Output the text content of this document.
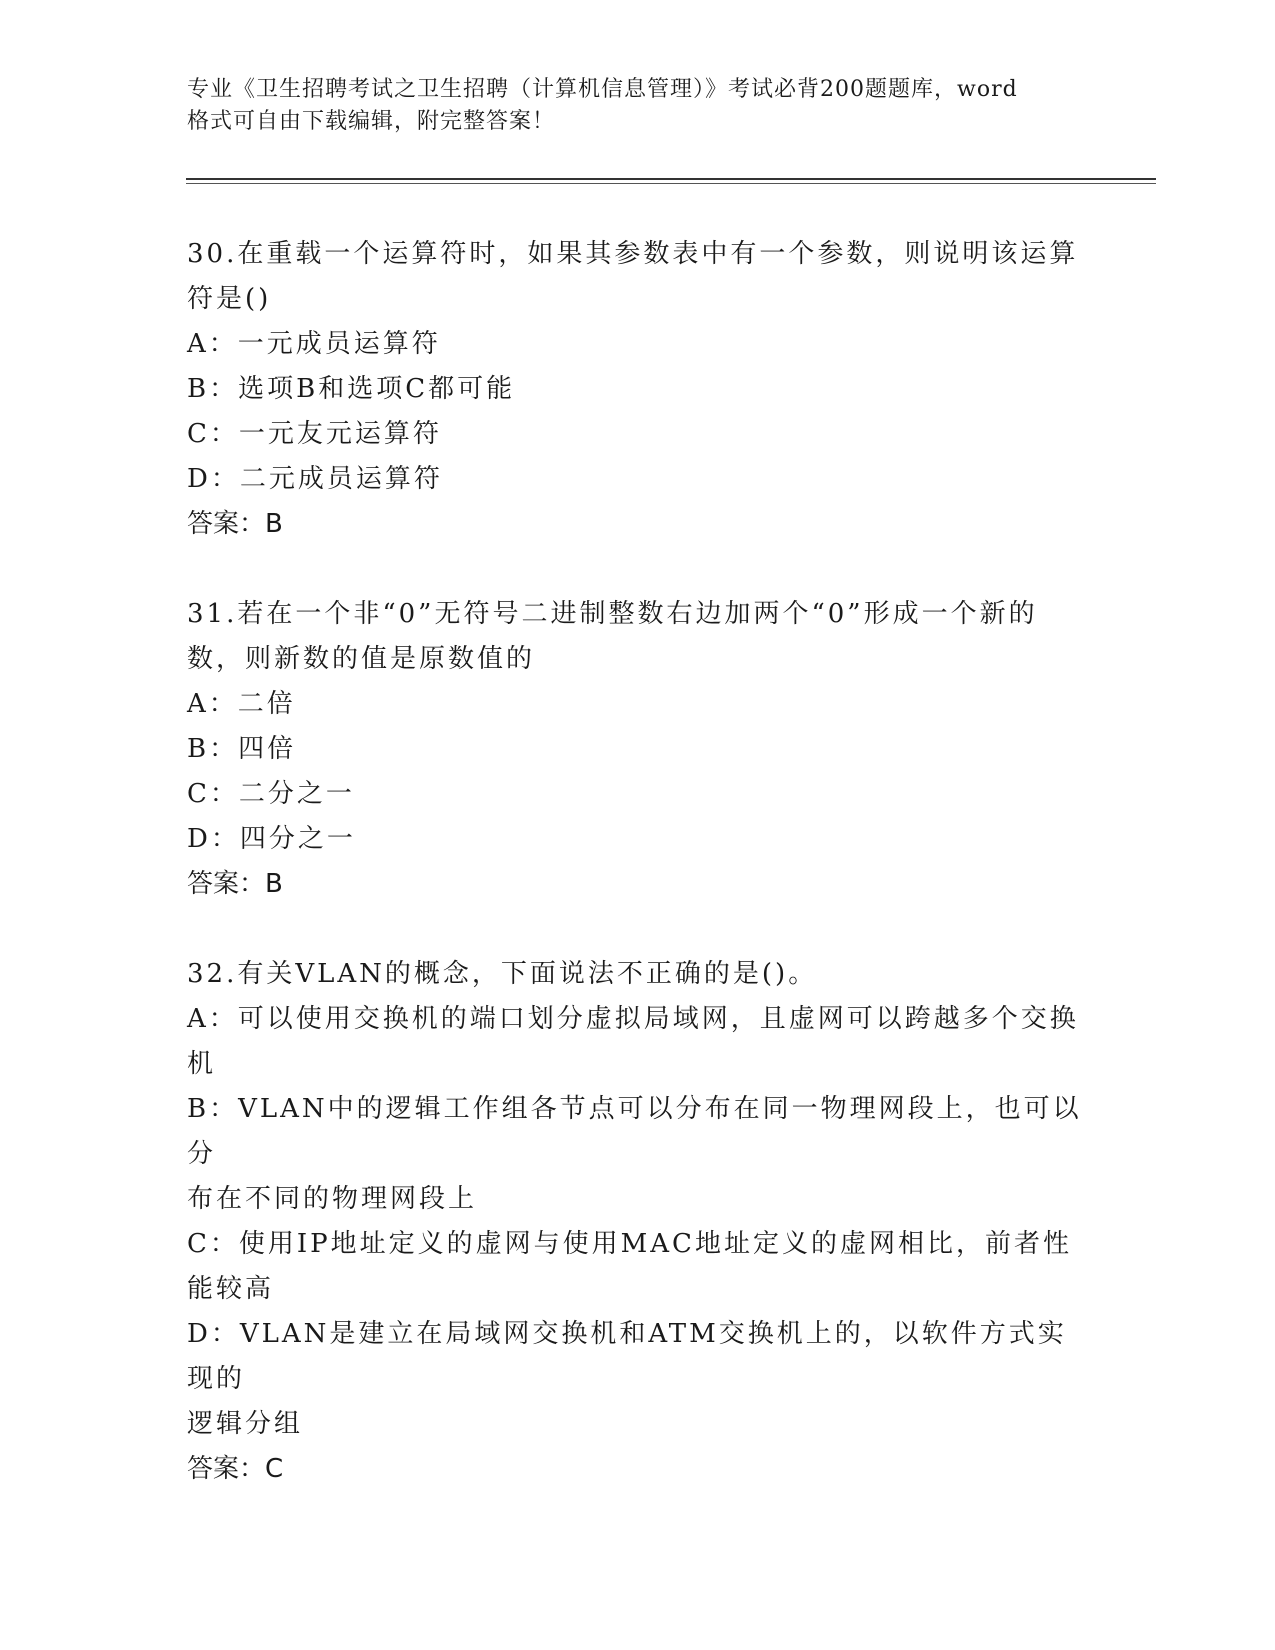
专业《卫生招聘考试之卫生招聘（计算机信息管理）》考试必背200题题库，word
格式可自由下载编辑，附完整答案！

30.在重载一个运算符时，如果其参数表中有一个参数，则说明该运算

符是()

A：一元成员运算符

B：选项B和选项C都可能

C：一元友元运算符

D：二元成员运算符

答案：B

31.若在一个非“0”无符号二进制整数右边加两个“0”形成一个新的

数，则新数的值是原数值的

A：二倍

B：四倍

C：二分之一

D：四分之一

答案：B

32.有关VLAN的概念，下面说法不正确的是()。

A：可以使用交换机的端口划分虚拟局域网，且虚网可以跨越多个交换

机

B：VLAN中的逻辑工作组各节点可以分布在同一物理网段上，也可以分

布在不同的物理网段上

C：使用IP地址定义的虚网与使用MAC地址定义的虚网相比，前者性

能较高

D：VLAN是建立在局域网交换机和ATM交换机上的，以软件方式实现的

逻辑分组

答案：C
